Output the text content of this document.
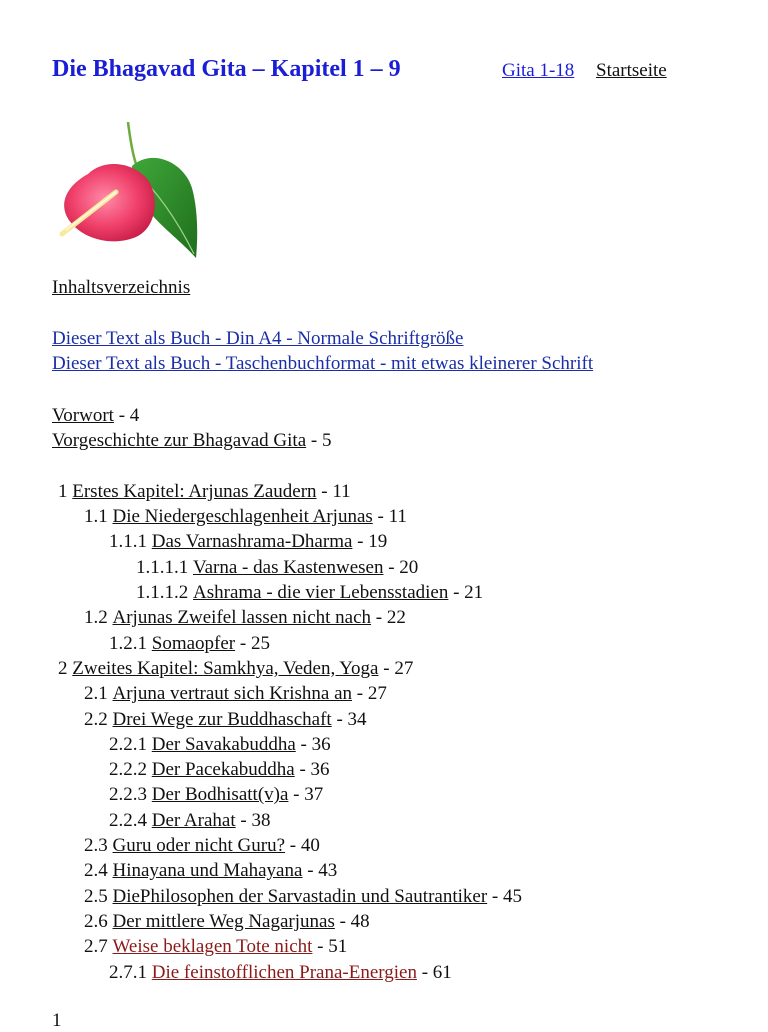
Die Bhagavad Gita – Kapitel 1 – 9	Gita 1-18 Startseite
Inhaltsverzeichnis
Dieser Text als Buch - Din A4 - Normale Schriftgröße
Dieser Text als Buch - Taschenbuchformat - mit etwas kleinerer Schrift
Vorwort - 4
Vorgeschichte zur Bhagavad Gita - 5
1 Erstes Kapitel: Arjunas Zaudern - 11
1.1 Die Niedergeschlagenheit Arjunas - 11
1.1.1 Das Varnashrama-Dharma - 19
1.1.1.1 Varna - das Kastenwesen - 20
1.1.1.2 Ashrama - die vier Lebensstadien - 21
1.2 Arjunas Zweifel lassen nicht nach - 22
1.2.1 Somaopfer - 25
2 Zweites Kapitel: Samkhya, Veden, Yoga - 27
2.1 Arjuna vertraut sich Krishna an - 27
2.2 Drei Wege zur Buddhaschaft - 34
2.2.1 Der Savakabuddha - 36
2.2.2 Der Pacekabuddha - 36
2.2.3 Der Bodhisatt(v)a - 37
2.2.4 Der Arahat - 38
2.3 Guru oder nicht Guru? - 40
2.4 Hinayana und Mahayana - 43
2.5 DiePhilosophen der Sarvastadin und Sautrantiker - 45
2.6 Der mittlere Weg Nagarjunas - 48
2.7 Weise beklagen Tote nicht - 51
2.7.1 Die feinstofflichen Prana-Energien - 61
1
